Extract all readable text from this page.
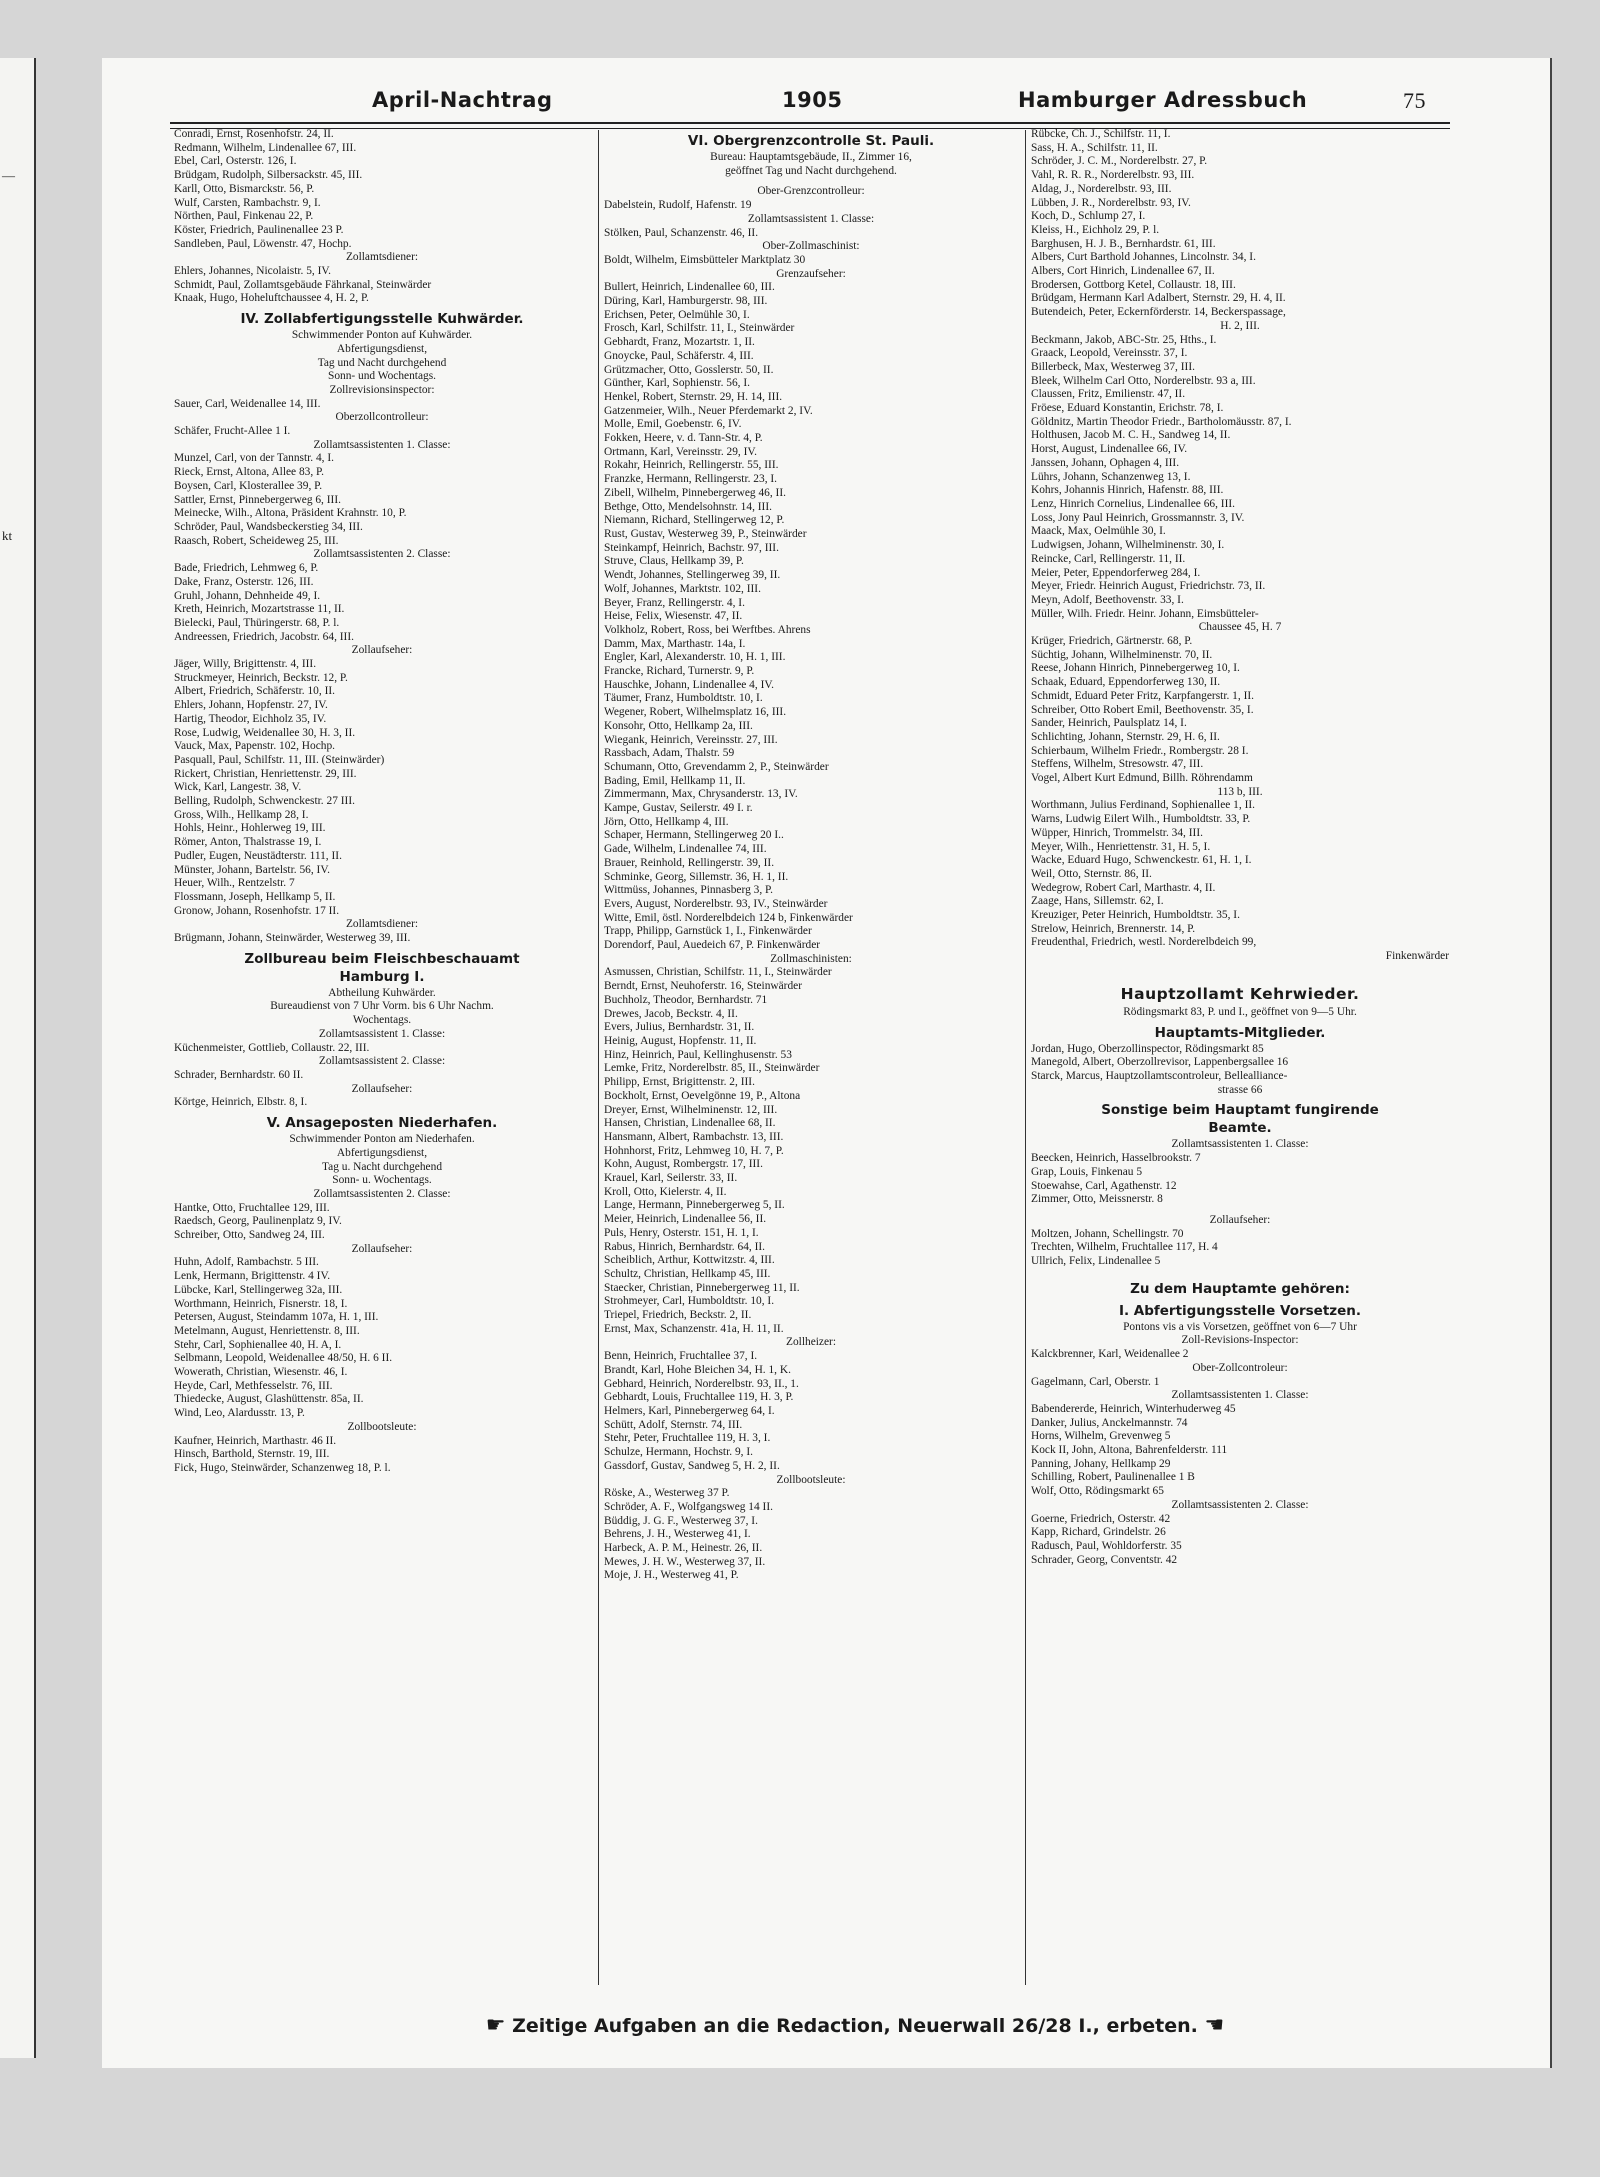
—
kt
April-Nachtrag	1905	Hamburger Adressbuch	75
Conradi, Ernst, Rosenhofstr. 24, II.
Redmann, Wilhelm, Lindenallee 67, III.
Ebel, Carl, Osterstr. 126, I.
Brüdgam, Rudolph, Silbersackstr. 45, III.
Karll, Otto, Bismarckstr. 56, P.
Wulf, Carsten, Rambachstr. 9, I.
Nörthen, Paul, Finkenau 22, P.
Köster, Friedrich, Paulinenallee 23 P.
Sandleben, Paul, Löwenstr. 47, Hochp.
Zollamtsdiener:
Ehlers, Johannes, Nicolaistr. 5, IV.
Schmidt, Paul, Zollamtsgebäude Fährkanal, Steinwärder
Knaak, Hugo, Hoheluftchaussee 4, H. 2, P.
IV. Zollabfertigungsstelle Kuhwärder.
Schwimmender Ponton auf Kuhwärder.
Abfertigungsdienst,
Tag und Nacht durchgehend
Sonn- und Wochentags.
Zollrevisionsinspector:
Sauer, Carl, Weidenallee 14, III.
Oberzollcontrolleur:
Schäfer, Frucht-Allee 1 I.
Zollamtsassistenten 1. Classe:
Munzel, Carl, von der Tannstr. 4, I.
Rieck, Ernst, Altona, Allee 83, P.
Boysen, Carl, Klosterallee 39, P.
Sattler, Ernst, Pinnebergerweg 6, III.
Meinecke, Wilh., Altona, Präsident Krahnstr. 10, P.
Schröder, Paul, Wandsbeckerstieg 34, III.
Raasch, Robert, Scheideweg 25, III.
Zollamtsassistenten 2. Classe:
Bade, Friedrich, Lehmweg 6, P.
Dake, Franz, Osterstr. 126, III.
Gruhl, Johann, Dehnheide 49, I.
Kreth, Heinrich, Mozartstrasse 11, II.
Bielecki, Paul, Thüringerstr. 68, P. l.
Andreessen, Friedrich, Jacobstr. 64, III.
Zollaufseher:
Jäger, Willy, Brigittenstr. 4, III.
Struckmeyer, Heinrich, Beckstr. 12, P.
Albert, Friedrich, Schäferstr. 10, II.
Ehlers, Johann, Hopfenstr. 27, IV.
Hartig, Theodor, Eichholz 35, IV.
Rose, Ludwig, Weidenallee 30, H. 3, II.
Vauck, Max, Papenstr. 102, Hochp.
Pasquall, Paul, Schilfstr. 11, III. (Steinwärder)
Rickert, Christian, Henriettenstr. 29, III.
Wick, Karl, Langestr. 38, V.
Belling, Rudolph, Schwenckestr. 27 III.
Gross, Wilh., Hellkamp 28, I.
Hohls, Heinr., Hohlerweg 19, III.
Römer, Anton, Thalstrasse 19, I.
Pudler, Eugen, Neustädterstr. 111, II.
Münster, Johann, Bartelstr. 56, IV.
Heuer, Wilh., Rentzelstr. 7
Flossmann, Joseph, Hellkamp 5, II.
Gronow, Johann, Rosenhofstr. 17 II.
Zollamtsdiener:
Brügmann, Johann, Steinwärder, Westerweg 39, III.
Zollbureau beim Fleischbeschauamt
Hamburg I.
Abtheilung Kuhwärder.
Bureaudienst von 7 Uhr Vorm. bis 6 Uhr Nachm.
Wochentags.
Zollamtsassistent 1. Classe:
Küchenmeister, Gottlieb, Collaustr. 22, III.
Zollamtsassistent 2. Classe:
Schrader, Bernhardstr. 60 II.
Zollaufseher:
Körtge, Heinrich, Elbstr. 8, I.
V. Ansageposten Niederhafen.
Schwimmender Ponton am Niederhafen.
Abfertigungsdienst,
Tag u. Nacht durchgehend
Sonn- u. Wochentags.
Zollamtsassistenten 2. Classe:
Hantke, Otto, Fruchtallee 129, III.
Raedsch, Georg, Paulinenplatz 9, IV.
Schreiber, Otto, Sandweg 24, III.
Zollaufseher:
Huhn, Adolf, Rambachstr. 5 III.
Lenk, Hermann, Brigittenstr. 4 IV.
Lübcke, Karl, Stellingerweg 32a, III.
Worthmann, Heinrich, Fisnerstr. 18, I.
Petersen, August, Steindamm 107a, H. 1, III.
Metelmann, August, Henriettenstr. 8, III.
Stehr, Carl, Sophienallee 40, H. A, I.
Selbmann, Leopold, Weidenallee 48/50, H. 6 II.
Wowerath, Christian, Wiesenstr. 46, I.
Heyde, Carl, Methfesselstr. 76, III.
Thiedecke, August, Glashüttenstr. 85a, II.
Wind, Leo, Alardusstr. 13, P.
Zollbootsleute:
Kaufner, Heinrich, Marthastr. 46 II.
Hinsch, Barthold, Sternstr. 19, III.
Fick, Hugo, Steinwärder, Schanzenweg 18, P. l.
VI. Obergrenzcontrolle St. Pauli.
Bureau: Hauptamtsgebäude, II., Zimmer 16,
geöffnet Tag und Nacht durchgehend.
Ober-Grenzcontrolleur:
Dabelstein, Rudolf, Hafenstr. 19
Zollamtsassistent 1. Classe:
Stölken, Paul, Schanzenstr. 46, II.
Ober-Zollmaschinist:
Boldt, Wilhelm, Eimsbütteler Marktplatz 30
Grenzaufseher:
Bullert, Heinrich, Lindenallee 60, III.
Düring, Karl, Hamburgerstr. 98, III.
Erichsen, Peter, Oelmühle 30, I.
Frosch, Karl, Schilfstr. 11, I., Steinwärder
Gebhardt, Franz, Mozartstr. 1, II.
Gnoycke, Paul, Schäferstr. 4, III.
Grützmacher, Otto, Gosslerstr. 50, II.
Günther, Karl, Sophienstr. 56, I.
Henkel, Robert, Sternstr. 29, H. 14, III.
Gatzenmeier, Wilh., Neuer Pferdemarkt 2, IV.
Molle, Emil, Goebenstr. 6, IV.
Fokken, Heere, v. d. Tann-Str. 4, P.
Ortmann, Karl, Vereinsstr. 29, IV.
Rokahr, Heinrich, Rellingerstr. 55, III.
Franzke, Hermann, Rellingerstr. 23, I.
Zibell, Wilhelm, Pinnebergerweg 46, II.
Bethge, Otto, Mendelsohnstr. 14, III.
Niemann, Richard, Stellingerweg 12, P.
Rust, Gustav, Westerweg 39, P., Steinwärder
Steinkampf, Heinrich, Bachstr. 97, III.
Struve, Claus, Hellkamp 39, P.
Wendt, Johannes, Stellingerweg 39, II.
Wolf, Johannes, Marktstr. 102, III.
Beyer, Franz, Rellingerstr. 4, I.
Heise, Felix, Wiesenstr. 47, II.
Volkholz, Robert, Ross, bei Werftbes. Ahrens
Damm, Max, Marthastr. 14a, I.
Engler, Karl, Alexanderstr. 10, H. 1, III.
Francke, Richard, Turnerstr. 9, P.
Hauschke, Johann, Lindenallee 4, IV.
Täumer, Franz, Humboldtstr. 10, I.
Wegener, Robert, Wilhelmsplatz 16, III.
Konsohr, Otto, Hellkamp 2a, III.
Wiegank, Heinrich, Vereinsstr. 27, III.
Rassbach, Adam, Thalstr. 59
Schumann, Otto, Grevendamm 2, P., Steinwärder
Bading, Emil, Hellkamp 11, II.
Zimmermann, Max, Chrysanderstr. 13, IV.
Kampe, Gustav, Seilerstr. 49 I. r.
Jörn, Otto, Hellkamp 4, III.
Schaper, Hermann, Stellingerweg 20 I..
Gade, Wilhelm, Lindenallee 74, III.
Brauer, Reinhold, Rellingerstr. 39, II.
Schminke, Georg, Sillemstr. 36, H. 1, II.
Wittmüss, Johannes, Pinnasberg 3, P.
Evers, August, Norderelbstr. 93, IV., Steinwärder
Witte, Emil, östl. Norderelbdeich 124 b, Finkenwärder
Trapp, Philipp, Garnstück 1, I., Finkenwärder
Dorendorf, Paul, Auedeich 67, P. Finkenwärder
Zollmaschinisten:
Asmussen, Christian, Schilfstr. 11, I., Steinwärder
Berndt, Ernst, Neuhoferstr. 16, Steinwärder
Buchholz, Theodor, Bernhardstr. 71
Drewes, Jacob, Beckstr. 4, II.
Evers, Julius, Bernhardstr. 31, II.
Heinig, August, Hopfenstr. 11, II.
Hinz, Heinrich, Paul, Kellinghusenstr. 53
Lemke, Fritz, Norderelbstr. 85, II., Steinwärder
Philipp, Ernst, Brigittenstr. 2, III.
Bockholt, Ernst, Oevelgönne 19, P., Altona
Dreyer, Ernst, Wilhelminenstr. 12, III.
Hansen, Christian, Lindenallee 68, II.
Hansmann, Albert, Rambachstr. 13, III.
Hohnhorst, Fritz, Lehmweg 10, H. 7, P.
Kohn, August, Rombergstr. 17, III.
Krauel, Karl, Seilerstr. 33, II.
Kroll, Otto, Kielerstr. 4, II.
Lange, Hermann, Pinnebergerweg 5, II.
Meier, Heinrich, Lindenallee 56, II.
Puls, Henry, Osterstr. 151, H. 1, I.
Rabus, Hinrich, Bernhardstr. 64, II.
Scheiblich, Arthur, Kottwitzstr. 4, III.
Schultz, Christian, Hellkamp 45, III.
Staecker, Christian, Pinnebergerweg 11, II.
Strohmeyer, Carl, Humboldtstr. 10, I.
Triepel, Friedrich, Beckstr. 2, II.
Ernst, Max, Schanzenstr. 41a, H. 11, II.
Zollheizer:
Benn, Heinrich, Fruchtallee 37, I.
Brandt, Karl, Hohe Bleichen 34, H. 1, K.
Gebhard, Heinrich, Norderelbstr. 93, II., 1.
Gebhardt, Louis, Fruchtallee 119, H. 3, P.
Helmers, Karl, Pinnebergerweg 64, I.
Schütt, Adolf, Sternstr. 74, III.
Stehr, Peter, Fruchtallee 119, H. 3, I.
Schulze, Hermann, Hochstr. 9, I.
Gassdorf, Gustav, Sandweg 5, H. 2, II.
Zollbootsleute:
Röske, A., Westerweg 37 P.
Schröder, A. F., Wolfgangsweg 14 II.
Büddig, J. G. F., Westerweg 37, I.
Behrens, J. H., Westerweg 41, I.
Harbeck, A. P. M., Heinestr. 26, II.
Mewes, J. H. W., Westerweg 37, II.
Moje, J. H., Westerweg 41, P.
Rübcke, Ch. J., Schilfstr. 11, I.
Sass, H. A., Schilfstr. 11, II.
Schröder, J. C. M., Norderelbstr. 27, P.
Vahl, R. R. R., Norderelbstr. 93, III.
Aldag, J., Norderelbstr. 93, III.
Lübben, J. R., Norderelbstr. 93, IV.
Koch, D., Schlump 27, I.
Kleiss, H., Eichholz 29, P. l.
Barghusen, H. J. B., Bernhardstr. 61, III.
Albers, Curt Barthold Johannes, Lincolnstr. 34, I.
Albers, Cort Hinrich, Lindenallee 67, II.
Brodersen, Gottborg Ketel, Collaustr. 18, III.
Brüdgam, Hermann Karl Adalbert, Sternstr. 29, H. 4, II.
Butendeich, Peter, Eckernförderstr. 14, Beckerspassage,
H. 2, III.
Beckmann, Jakob, ABC-Str. 25, Hths., I.
Graack, Leopold, Vereinsstr. 37, I.
Billerbeck, Max, Westerweg 37, III.
Bleek, Wilhelm Carl Otto, Norderelbstr. 93 a, III.
Claussen, Fritz, Emilienstr. 47, II.
Fröese, Eduard Konstantin, Erichstr. 78, I.
Göldnitz, Martin Theodor Friedr., Bartholomäusstr. 87, I.
Holthusen, Jacob M. C. H., Sandweg 14, II.
Horst, August, Lindenallee 66, IV.
Janssen, Johann, Ophagen 4, III.
Lührs, Johann, Schanzenweg 13, I.
Kohrs, Johannis Hinrich, Hafenstr. 88, III.
Lenz, Hinrich Cornelius, Lindenallee 66, III.
Loss, Jony Paul Heinrich, Grossmannstr. 3, IV.
Maack, Max, Oelmühle 30, I.
Ludwigsen, Johann, Wilhelminenstr. 30, I.
Reincke, Carl, Rellingerstr. 11, II.
Meier, Peter, Eppendorferweg 284, I.
Meyer, Friedr. Heinrich August, Friedrichstr. 73, II.
Meyn, Adolf, Beethovenstr. 33, I.
Müller, Wilh. Friedr. Heinr. Johann, Eimsbütteler-
Chaussee 45, H. 7
Krüger, Friedrich, Gärtnerstr. 68, P.
Süchtig, Johann, Wilhelminenstr. 70, II.
Reese, Johann Hinrich, Pinnebergerweg 10, I.
Schaak, Eduard, Eppendorferweg 130, II.
Schmidt, Eduard Peter Fritz, Karpfangerstr. 1, II.
Schreiber, Otto Robert Emil, Beethovenstr. 35, I.
Sander, Heinrich, Paulsplatz 14, I.
Schlichting, Johann, Sternstr. 29, H. 6, II.
Schierbaum, Wilhelm Friedr., Rombergstr. 28 I.
Steffens, Wilhelm, Stresowstr. 47, III.
Vogel, Albert Kurt Edmund, Billh. Röhrendamm
113 b, III.
Worthmann, Julius Ferdinand, Sophienallee 1, II.
Warns, Ludwig Eilert Wilh., Humboldtstr. 33, P.
Wüpper, Hinrich, Trommelstr. 34, III.
Meyer, Wilh., Henriettenstr. 31, H. 5, I.
Wacke, Eduard Hugo, Schwenckestr. 61, H. 1, I.
Weil, Otto, Sternstr. 86, II.
Wedegrow, Robert Carl, Marthastr. 4, II.
Zaage, Hans, Sillemstr. 62, I.
Kreuziger, Peter Heinrich, Humboldtstr. 35, I.
Strelow, Heinrich, Brennerstr. 14, P.
Freudenthal, Friedrich, westl. Norderelbdeich 99,
Finkenwärder
Hauptzollamt Kehrwieder.
Rödingsmarkt 83, P. und I., geöffnet von 9—5 Uhr.
Hauptamts-Mitglieder.
Jordan, Hugo, Oberzollinspector, Rödingsmarkt 85
Manegold, Albert, Oberzollrevisor, Lappenbergsallee 16
Starck, Marcus, Hauptzollamtscontroleur, Bellealliance-
strasse 66
Sonstige beim Hauptamt fungirende
Beamte.
Zollamtsassistenten 1. Classe:
Beecken, Heinrich, Hasselbrookstr. 7
Grap, Louis, Finkenau 5
Stoewahse, Carl, Agathenstr. 12
Zimmer, Otto, Meissnerstr. 8
Zollaufseher:
Moltzen, Johann, Schellingstr. 70
Trechten, Wilhelm, Fruchtallee 117, H. 4
Ullrich, Felix, Lindenallee 5
Zu dem Hauptamte gehören:
I. Abfertigungsstelle Vorsetzen.
Pontons vis a vis Vorsetzen, geöffnet von 6—7 Uhr
Zoll-Revisions-Inspector:
Kalckbrenner, Karl, Weidenallee 2
Ober-Zollcontroleur:
Gagelmann, Carl, Oberstr. 1
Zollamtsassistenten 1. Classe:
Babendererde, Heinrich, Winterhuderweg 45
Danker, Julius, Anckelmannstr. 74
Horns, Wilhelm, Grevenweg 5
Kock II, John, Altona, Bahrenfelderstr. 111
Panning, Johany, Hellkamp 29
Schilling, Robert, Paulinenallee 1 B
Wolf, Otto, Rödingsmarkt 65
Zollamtsassistenten 2. Classe:
Goerne, Friedrich, Osterstr. 42
Kapp, Richard, Grindelstr. 26
Radusch, Paul, Wohldorferstr. 35
Schrader, Georg, Conventstr. 42
☛ Zeitige Aufgaben an die Redaction, Neuerwall 26/28 I., erbeten. ☚
